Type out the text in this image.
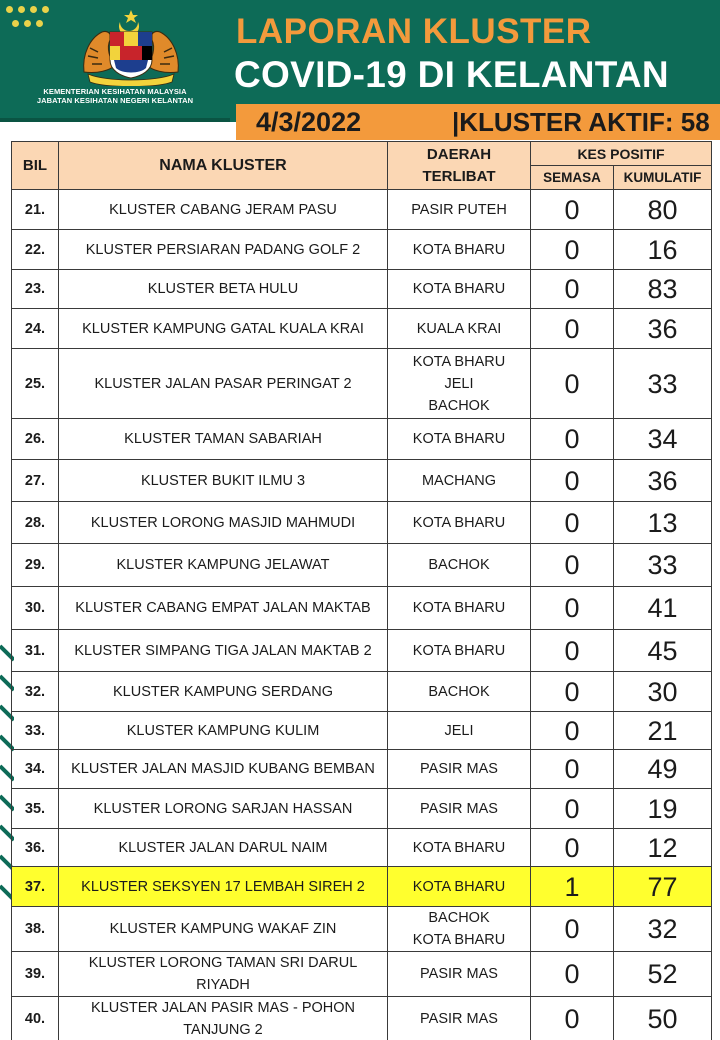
KEMENTERIAN KESIHATAN MALAYSIA
JABATAN KESIHATAN NEGERI KELANTAN
LAPORAN KLUSTER
COVID-19 DI KELANTAN
4/3/2022	|KLUSTER AKTIF: 58
BIL	NAMA KLUSTER	DAERAH
TERLIBAT	KES POSITIF	
			SEMASA	KUMULATIF
21.	KLUSTER CABANG JERAM PASU	PASIR PUTEH	0	80
22.	KLUSTER PERSIARAN PADANG GOLF 2	KOTA BHARU	0	16
23.	KLUSTER BETA HULU	KOTA BHARU	0	83
24.	KLUSTER KAMPUNG GATAL KUALA KRAI	KUALA KRAI	0	36
25.	KLUSTER JALAN PASAR PERINGAT 2	KOTA BHARU
JELI
BACHOK	0	33
26.	KLUSTER TAMAN SABARIAH	KOTA BHARU	0	34
27.	KLUSTER BUKIT ILMU 3	MACHANG	0	36
28.	KLUSTER LORONG MASJID MAHMUDI	KOTA BHARU	0	13
29.	KLUSTER KAMPUNG JELAWAT	BACHOK	0	33
30.	KLUSTER CABANG EMPAT JALAN MAKTAB	KOTA BHARU	0	41
31.	KLUSTER SIMPANG TIGA JALAN MAKTAB 2	KOTA BHARU	0	45
32.	KLUSTER KAMPUNG SERDANG	BACHOK	0	30
33.	KLUSTER KAMPUNG KULIM	JELI	0	21
34.	KLUSTER JALAN MASJID KUBANG BEMBAN	PASIR MAS	0	49
35.	KLUSTER LORONG SARJAN HASSAN	PASIR MAS	0	19
36.	KLUSTER JALAN DARUL NAIM	KOTA BHARU	0	12
37.	KLUSTER SEKSYEN 17 LEMBAH SIREH 2	KOTA BHARU	1	77
38.	KLUSTER KAMPUNG WAKAF ZIN	BACHOK
KOTA BHARU	0	32
39.	KLUSTER LORONG TAMAN SRI DARUL RIYADH	PASIR MAS	0	52
40.	KLUSTER JALAN PASIR MAS - POHON TANJUNG 2	PASIR MAS	0	50
